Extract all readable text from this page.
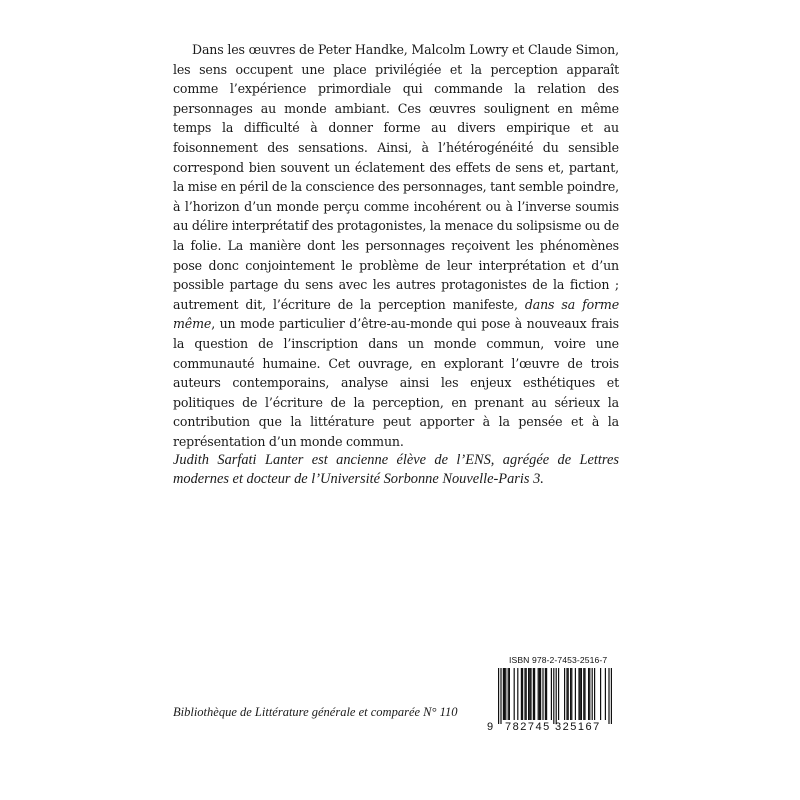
Dans les œuvres de Peter Handke, Malcolm Lowry et Claude Simon, les sens occupent une place privilégiée et la perception apparaît comme l’expérience primordiale qui commande la relation des personnages au monde ambiant. Ces œuvres soulignent en même temps la difficulté à donner forme au divers empirique et au foisonnement des sensations. Ainsi, à l’hétérogénéité du sensible correspond bien souvent un éclatement des effets de sens et, partant, la mise en péril de la conscience des personnages, tant semble poindre, à l’horizon d’un monde perçu comme incohérent ou à l’inverse soumis au délire interprétatif des protagonistes, la menace du solipsisme ou de la folie. La manière dont les personnages reçoivent les phénomènes pose donc conjointement le problème de leur interprétation et d’un possible partage du sens avec les autres protagonistes de la fiction ; autrement dit, l’écriture de la perception manifeste, dans sa forme même, un mode particulier d’être-au-monde qui pose à nouveaux frais la question de l’inscription dans un monde commun, voire une communauté humaine. Cet ouvrage, en explorant l’œuvre de trois auteurs contemporains, analyse ainsi les enjeux esthétiques et politiques de l’écriture de la perception, en prenant au sérieux la contribution que la littérature peut apporter à la pensée et à la représentation d’un monde commun.

Judith Sarfati Lanter est ancienne élève de l’ENS, agrégée de Lettres modernes et docteur de l’Université Sorbonne Nouvelle-Paris 3.

Bibliothèque de Littérature générale et comparée N° 110
ISBN 978-2-7453-2516-7
9 782745 325167
